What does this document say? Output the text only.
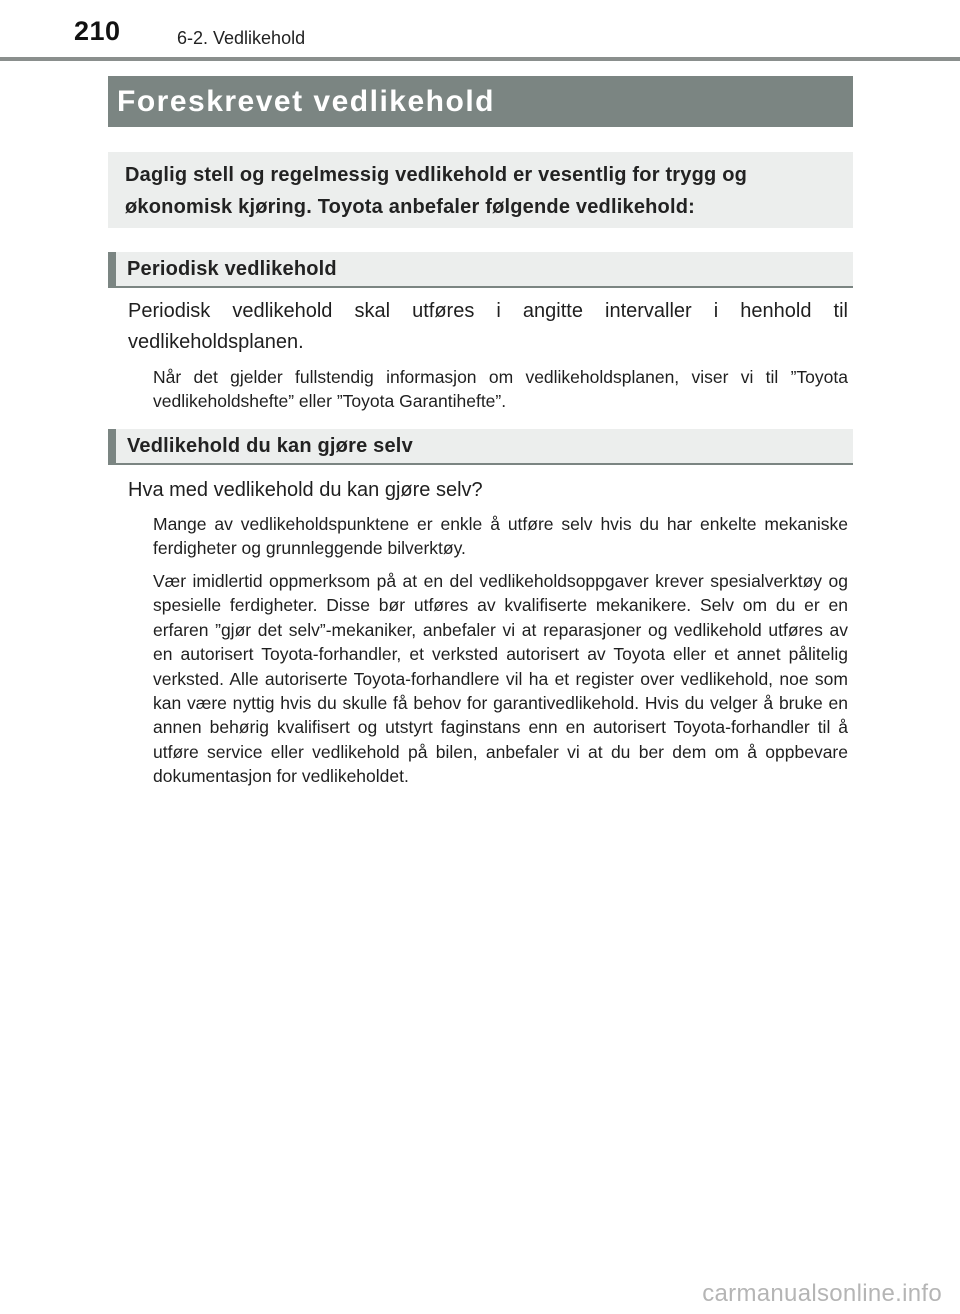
210	6-2. Vedlikehold
Foreskrevet vedlikehold
Daglig stell og regelmessig vedlikehold er vesentlig for trygg og økonomisk kjøring. Toyota anbefaler følgende vedlikehold:
Periodisk vedlikehold

Periodisk vedlikehold skal utføres i angitte intervaller i henhold til vedlikeholdsplanen.

Når det gjelder fullstendig informasjon om vedlikeholdsplanen, viser vi til ”Toyota vedlikeholdshefte” eller ”Toyota Garantihefte”.

Vedlikehold du kan gjøre selv

Hva med vedlikehold du kan gjøre selv?

Mange av vedlikeholdspunktene er enkle å utføre selv hvis du har enkelte mekaniske ferdigheter og grunnleggende bilverktøy.

Vær imidlertid oppmerksom på at en del vedlikeholdsoppgaver krever spesialverktøy og spesielle ferdigheter. Disse bør utføres av kvalifiserte mekanikere. Selv om du er en erfaren ”gjør det selv”-mekaniker, anbefaler vi at reparasjoner og vedlikehold utføres av en autorisert Toyota-forhandler, et verksted autorisert av Toyota eller et annet pålitelig verksted. Alle autoriserte Toyota-forhandlere vil ha et register over vedlikehold, noe som kan være nyttig hvis du skulle få behov for garantivedlikehold. Hvis du velger å bruke en annen behørig kvalifisert og utstyrt faginstans enn en autorisert Toyota-forhandler til å utføre service eller vedlikehold på bilen, anbefaler vi at du ber dem om å oppbevare dokumentasjon for vedlikeholdet.

carmanualsonline.info
